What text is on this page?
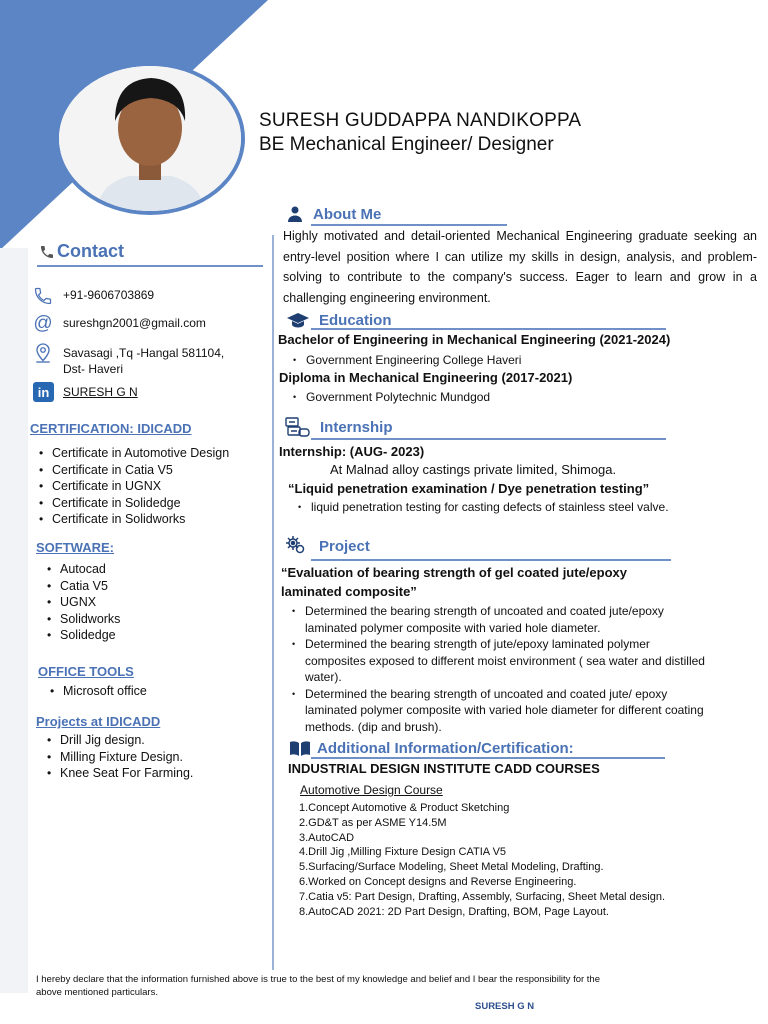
SURESH GUDDAPPA NANDIKOPPA
BE Mechanical Engineer/ Designer
Contact
+91-9606703869
@ sureshgn2001@gmail.com
Savasagi ,Tq -Hangal 581104,
Dst- Haveri
in	SURESH G N
CERTIFICATION: IDICADD
• Certificate in Automotive Design
• Certificate in Catia V5
• Certificate in UGNX
• Certificate in Solidedge
• Certificate in Solidworks
SOFTWARE:
• Autocad
• Catia V5
• UGNX
• Solidworks
• Solidedge
OFFICE TOOLS
• Microsoft office
Projects at IDICADD
• Drill Jig design.
• Milling Fixture Design.
• Knee Seat For Farming.
About Me
Highly motivated and detail-oriented Mechanical Engineering graduate seeking an entry-level position where I can utilize my skills in design, analysis, and problem-solving to contribute to the company's success. Eager to learn and grow in a challenging engineering environment.
Education
Bachelor of Engineering in Mechanical Engineering (2021-2024)
• Government Engineering College Haveri
Diploma in Mechanical Engineering (2017-2021)
• Government Polytechnic Mundgod
Internship
Internship: (AUG- 2023)
At Malnad alloy castings private limited, Shimoga.
“Liquid penetration examination / Dye penetration testing”
• liquid penetration testing for casting defects of stainless steel valve.
Project
“Evaluation of bearing strength of gel coated jute/epoxy
laminated composite”
• Determined the bearing strength of uncoated and coated jute/epoxy
laminated polymer composite with varied hole diameter.
• Determined the bearing strength of jute/epoxy laminated polymer
composites exposed to different moist environment ( sea water and distilled
water).
• Determined the bearing strength of uncoated and coated jute/ epoxy
laminated polymer composite with varied hole diameter for different coating
methods. (dip and brush).
Additional Information/Certification:
INDUSTRIAL DESIGN INSTITUTE CADD COURSES
Automotive Design Course
1.Concept Automotive & Product Sketching
2.GD&T as per ASME Y14.5M
3.AutoCAD
4.Drill Jig ,Milling Fixture Design CATIA V5
5.Surfacing/Surface Modeling, Sheet Metal Modeling, Drafting.
6.Worked on Concept designs and Reverse Engineering.
7.Catia v5: Part Design, Drafting, Assembly, Surfacing, Sheet Metal design.
8.AutoCAD 2021: 2D Part Design, Drafting, BOM, Page Layout.
I hereby declare that the information furnished above is true to the best of my knowledge and belief and I bear the responsibility for the
above mentioned particulars.
SURESH G N
